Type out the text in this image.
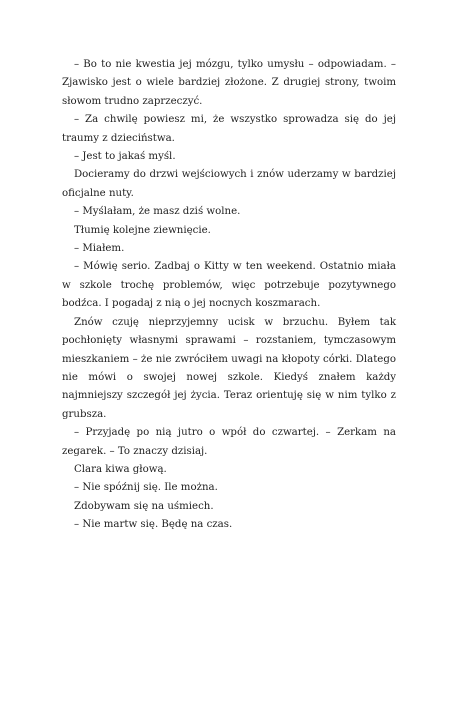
– Bo to nie kwestia jej mózgu, tylko umysłu – odpowiadam. – Zjawisko jest o wiele bardziej złożone. Z drugiej strony, twoim słowom trudno zaprzeczyć.

– Za chwilę powiesz mi, że wszystko sprowadza się do jej traumy z dzieciństwa.

– Jest to jakaś myśl.

Docieramy do drzwi wejściowych i znów uderzamy w bardziej oficjalne nuty.

– Myślałam, że masz dziś wolne.

Tłumię kolejne ziewnięcie.

– Miałem.

– Mówię serio. Zadbaj o Kitty w ten weekend. Ostatnio miała w szkole trochę problemów, więc potrzebuje pozytywnego bodźca. I pogadaj z nią o jej nocnych koszmarach.

Znów czuję nieprzyjemny ucisk w brzuchu. Byłem tak pochłonięty własnymi sprawami – rozstaniem, tymczasowym mieszkaniem – że nie zwróciłem uwagi na kłopoty córki. Dlatego nie mówi o swojej nowej szkole. Kiedyś znałem każdy najmniejszy szczegół jej życia. Teraz orientuję się w nim tylko z grubsza.

– Przyjadę po nią jutro o wpół do czwartej. – Zerkam na zegarek. – To znaczy dzisiaj.

Clara kiwa głową.

– Nie spóźnij się. Ile można.

Zdobywam się na uśmiech.

– Nie martw się. Będę na czas.
